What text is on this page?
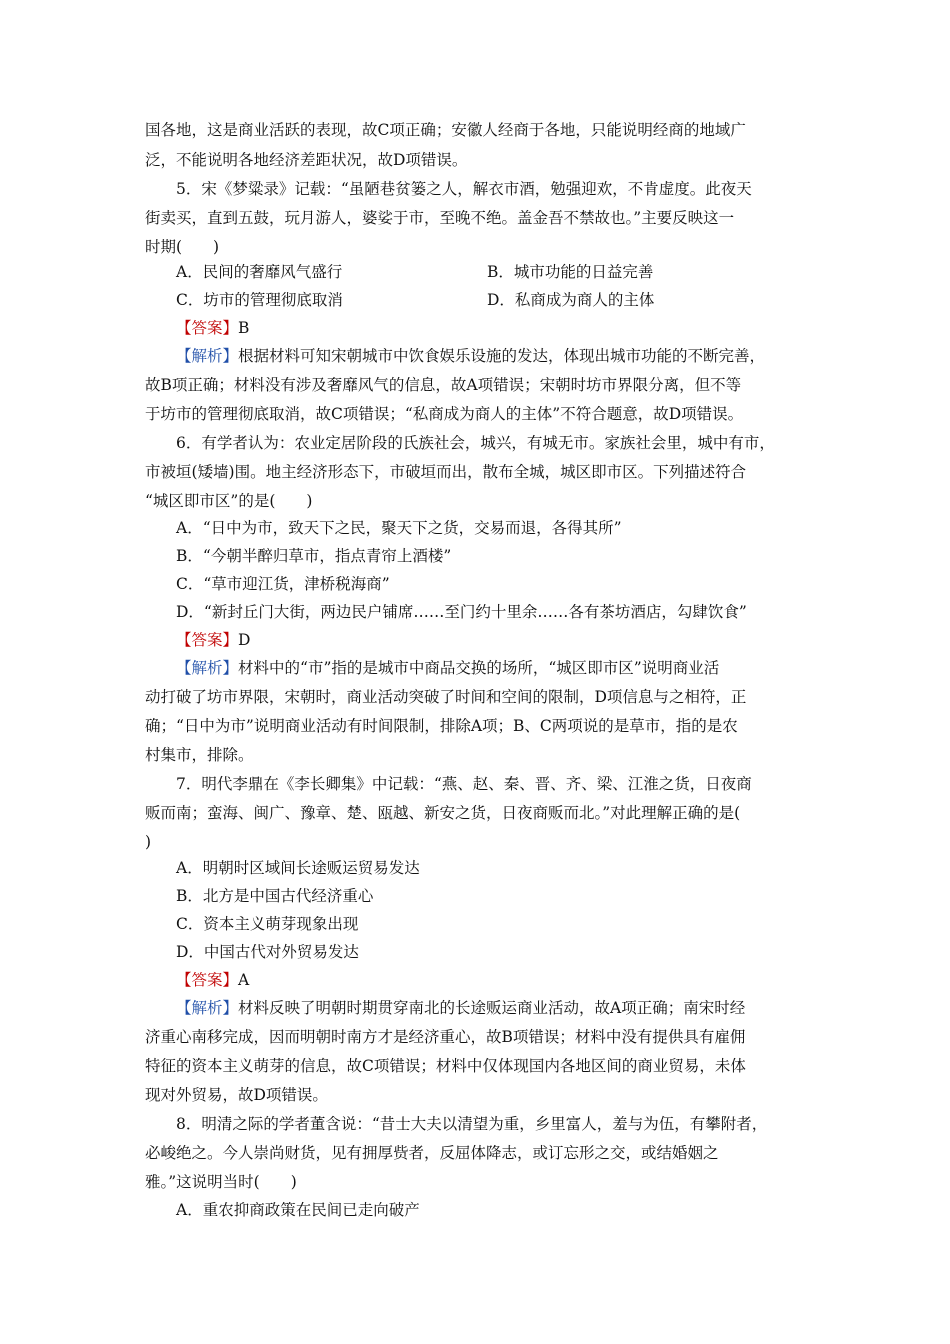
国各地，这是商业活跃的表现，故C项正确；安徽人经商于各地，只能说明经商的地域广
泛，不能说明各地经济差距状况，故D项错误。
5．宋《梦粱录》记载：“虽陋巷贫篓之人，解衣市酒，勉强迎欢，不肯虚度。此夜天
街卖买，直到五鼓，玩月游人，婆娑于市，至晚不绝。盖金吾不禁故也。”主要反映这一
时期(　　)
A．民间的奢靡风气盛行	B．城市功能的日益完善
C．坊市的管理彻底取消	D．私商成为商人的主体
【答案】B
【解析】根据材料可知宋朝城市中饮食娱乐设施的发达，体现出城市功能的不断完善，
故B项正确；材料没有涉及奢靡风气的信息，故A项错误；宋朝时坊市界限分离，但不等
于坊市的管理彻底取消，故C项错误；“私商成为商人的主体”不符合题意，故D项错误。
6．有学者认为：农业定居阶段的氏族社会，城兴，有城无市。家族社会里，城中有市，
市被垣(矮墙)围。地主经济形态下，市破垣而出，散布全城，城区即市区。下列描述符合
“城区即市区”的是(　　)
A．“日中为市，致天下之民，聚天下之货，交易而退，各得其所”
B．“今朝半醉归草市，指点青帘上酒楼”
C．“草市迎江货，津桥税海商”
D．“新封丘门大街，两边民户铺席……至门约十里余……各有茶坊酒店，勾肆饮食”
【答案】D
【解析】材料中的“市”指的是城市中商品交换的场所，“城区即市区”说明商业活
动打破了坊市界限，宋朝时，商业活动突破了时间和空间的限制，D项信息与之相符，正
确；“日中为市”说明商业活动有时间限制，排除A项；B、C两项说的是草市，指的是农
村集市，排除。
7．明代李鼎在《李长卿集》中记载：“燕、赵、秦、晋、齐、梁、江淮之货，日夜商
贩而南；蛮海、闽广、豫章、楚、瓯越、新安之货，日夜商贩而北。”对此理解正确的是(
)
A．明朝时区域间长途贩运贸易发达
B．北方是中国古代经济重心
C．资本主义萌芽现象出现
D．中国古代对外贸易发达
【答案】A
【解析】材料反映了明朝时期贯穿南北的长途贩运商业活动，故A项正确；南宋时经
济重心南移完成，因而明朝时南方才是经济重心，故B项错误；材料中没有提供具有雇佣
特征的资本主义萌芽的信息，故C项错误；材料中仅体现国内各地区间的商业贸易，未体
现对外贸易，故D项错误。
8．明清之际的学者董含说：“昔士大夫以清望为重，乡里富人，羞与为伍，有攀附者，
必峻绝之。今人崇尚财货，见有拥厚赀者，反屈体降志，或订忘形之交，或结婚姻之
雅。”这说明当时(　　)
A．重农抑商政策在民间已走向破产
